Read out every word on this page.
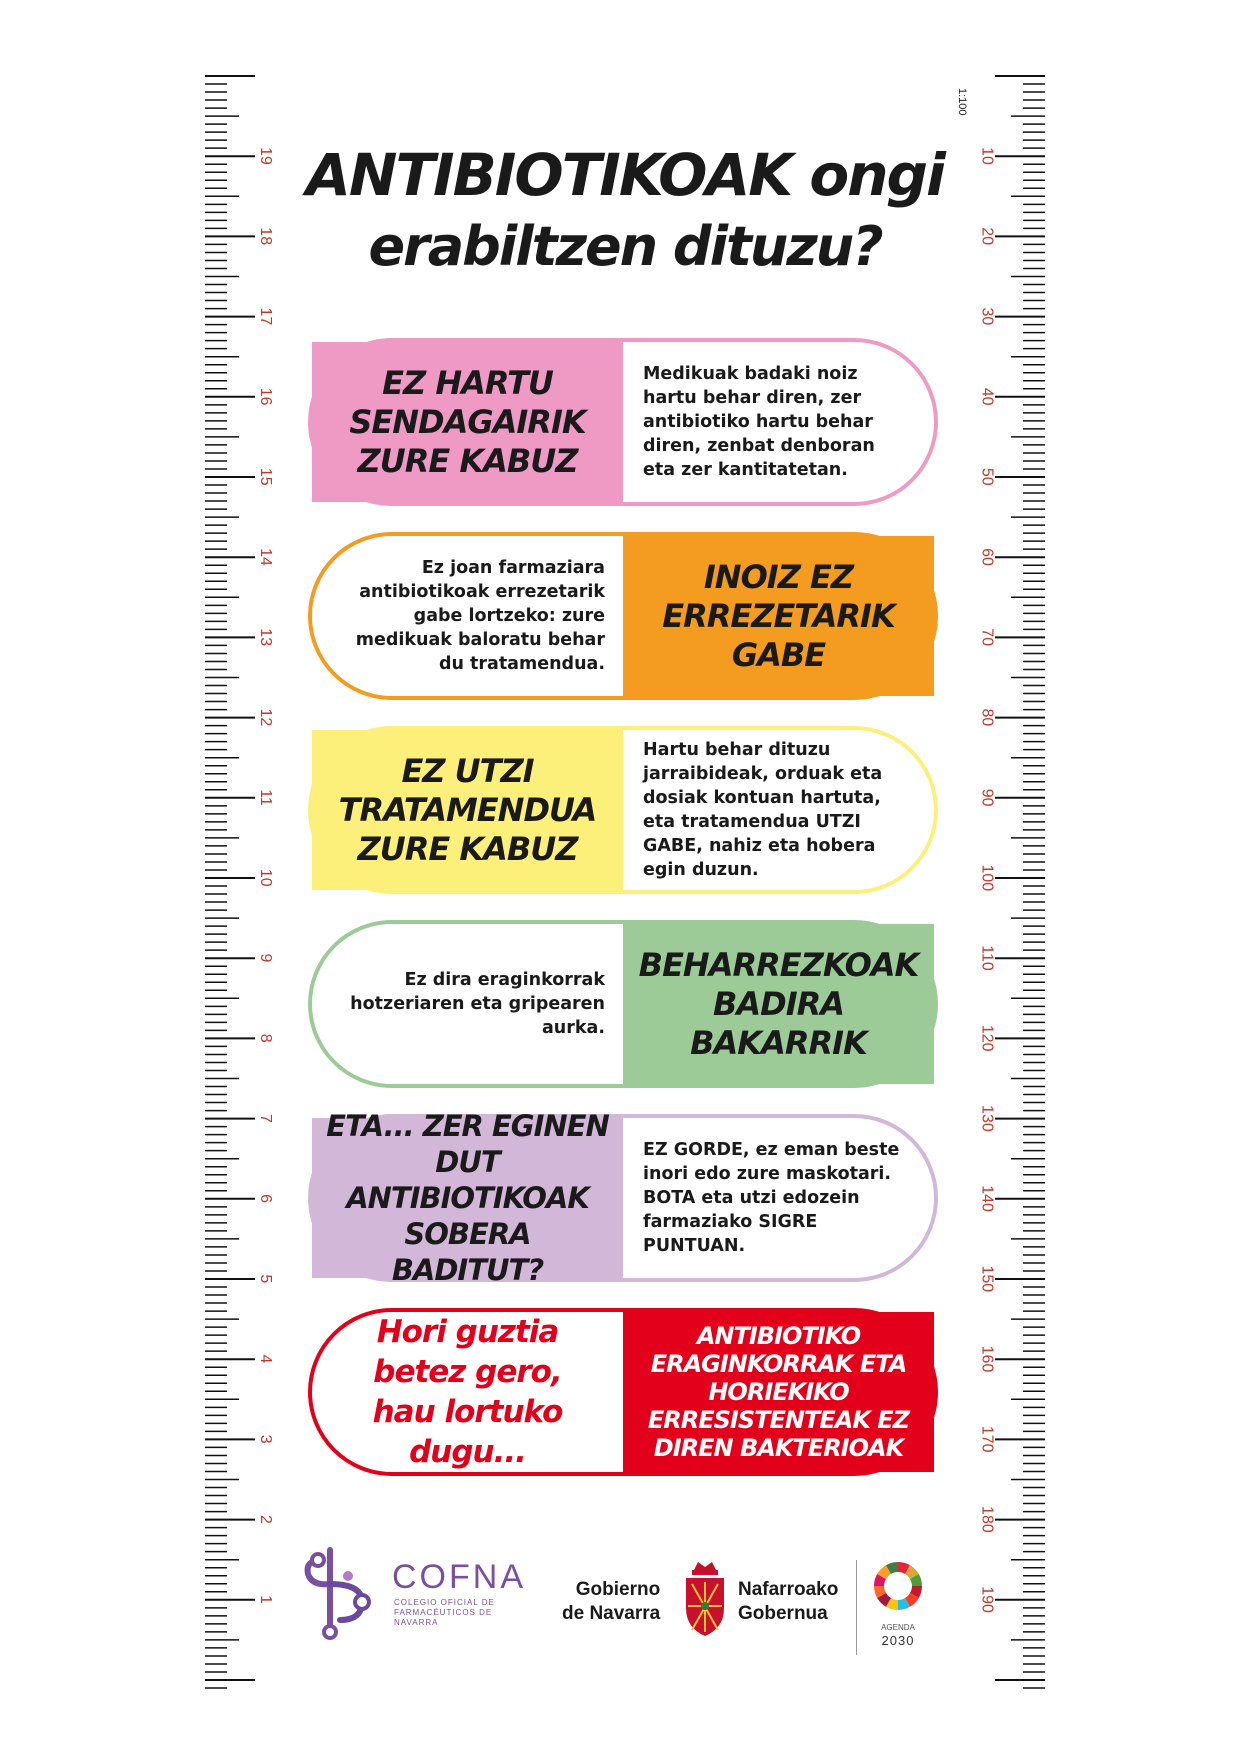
19
18
17
16
15
14
13
12
11
10
9
8
7
6
5
4
3
2
1
10
20
30
40
50
60
70
80
90
100
110
120
130
140
150
160
170
180
190
1:100
ANTIBIOTIKOAK ongi
erabiltzen dituzu?
EZ HARTU SENDAGAIRIK ZURE KABUZ
Medikuak badaki noiz hartu behar diren, zer antibiotiko hartu behar diren, zenbat denboran eta zer kantitatetan.
Ez joan farmaziara antibiotikoak errezetarik gabe lortzeko: zure medikuak baloratu behar du tratamendua.
INOIZ EZ ERREZETARIK GABE
EZ UTZI TRATAMENDUA ZURE KABUZ
Hartu behar dituzu jarraibideak, orduak eta dosiak kontuan hartuta, eta tratamendua UTZI GABE, nahiz eta hobera egin duzun.
Ez dira eraginkorrak hotzeriaren eta gripearen aurka.
BEHARREZKOAK BADIRA BAKARRIK
ETA... ZER EGINEN DUT ANTIBIOTIKOAK SOBERA BADITUT?
EZ GORDE, ez eman beste inori edo zure maskotari. BOTA eta utzi edozein farmaziako SIGRE PUNTUAN.
Hori guztia betez gero, hau lortuko dugu...
ANTIBIOTIKO ERAGINKORRAK ETA HORIEKIKO ERRESISTENTEAK EZ DIREN BAKTERIOAK
COFNA
COLEGIO OFICIAL DE FARMACÉUTICOS DE NAVARRA
Gobierno
de Navarra
Nafarroako
Gobernua
AGENDA
2030
